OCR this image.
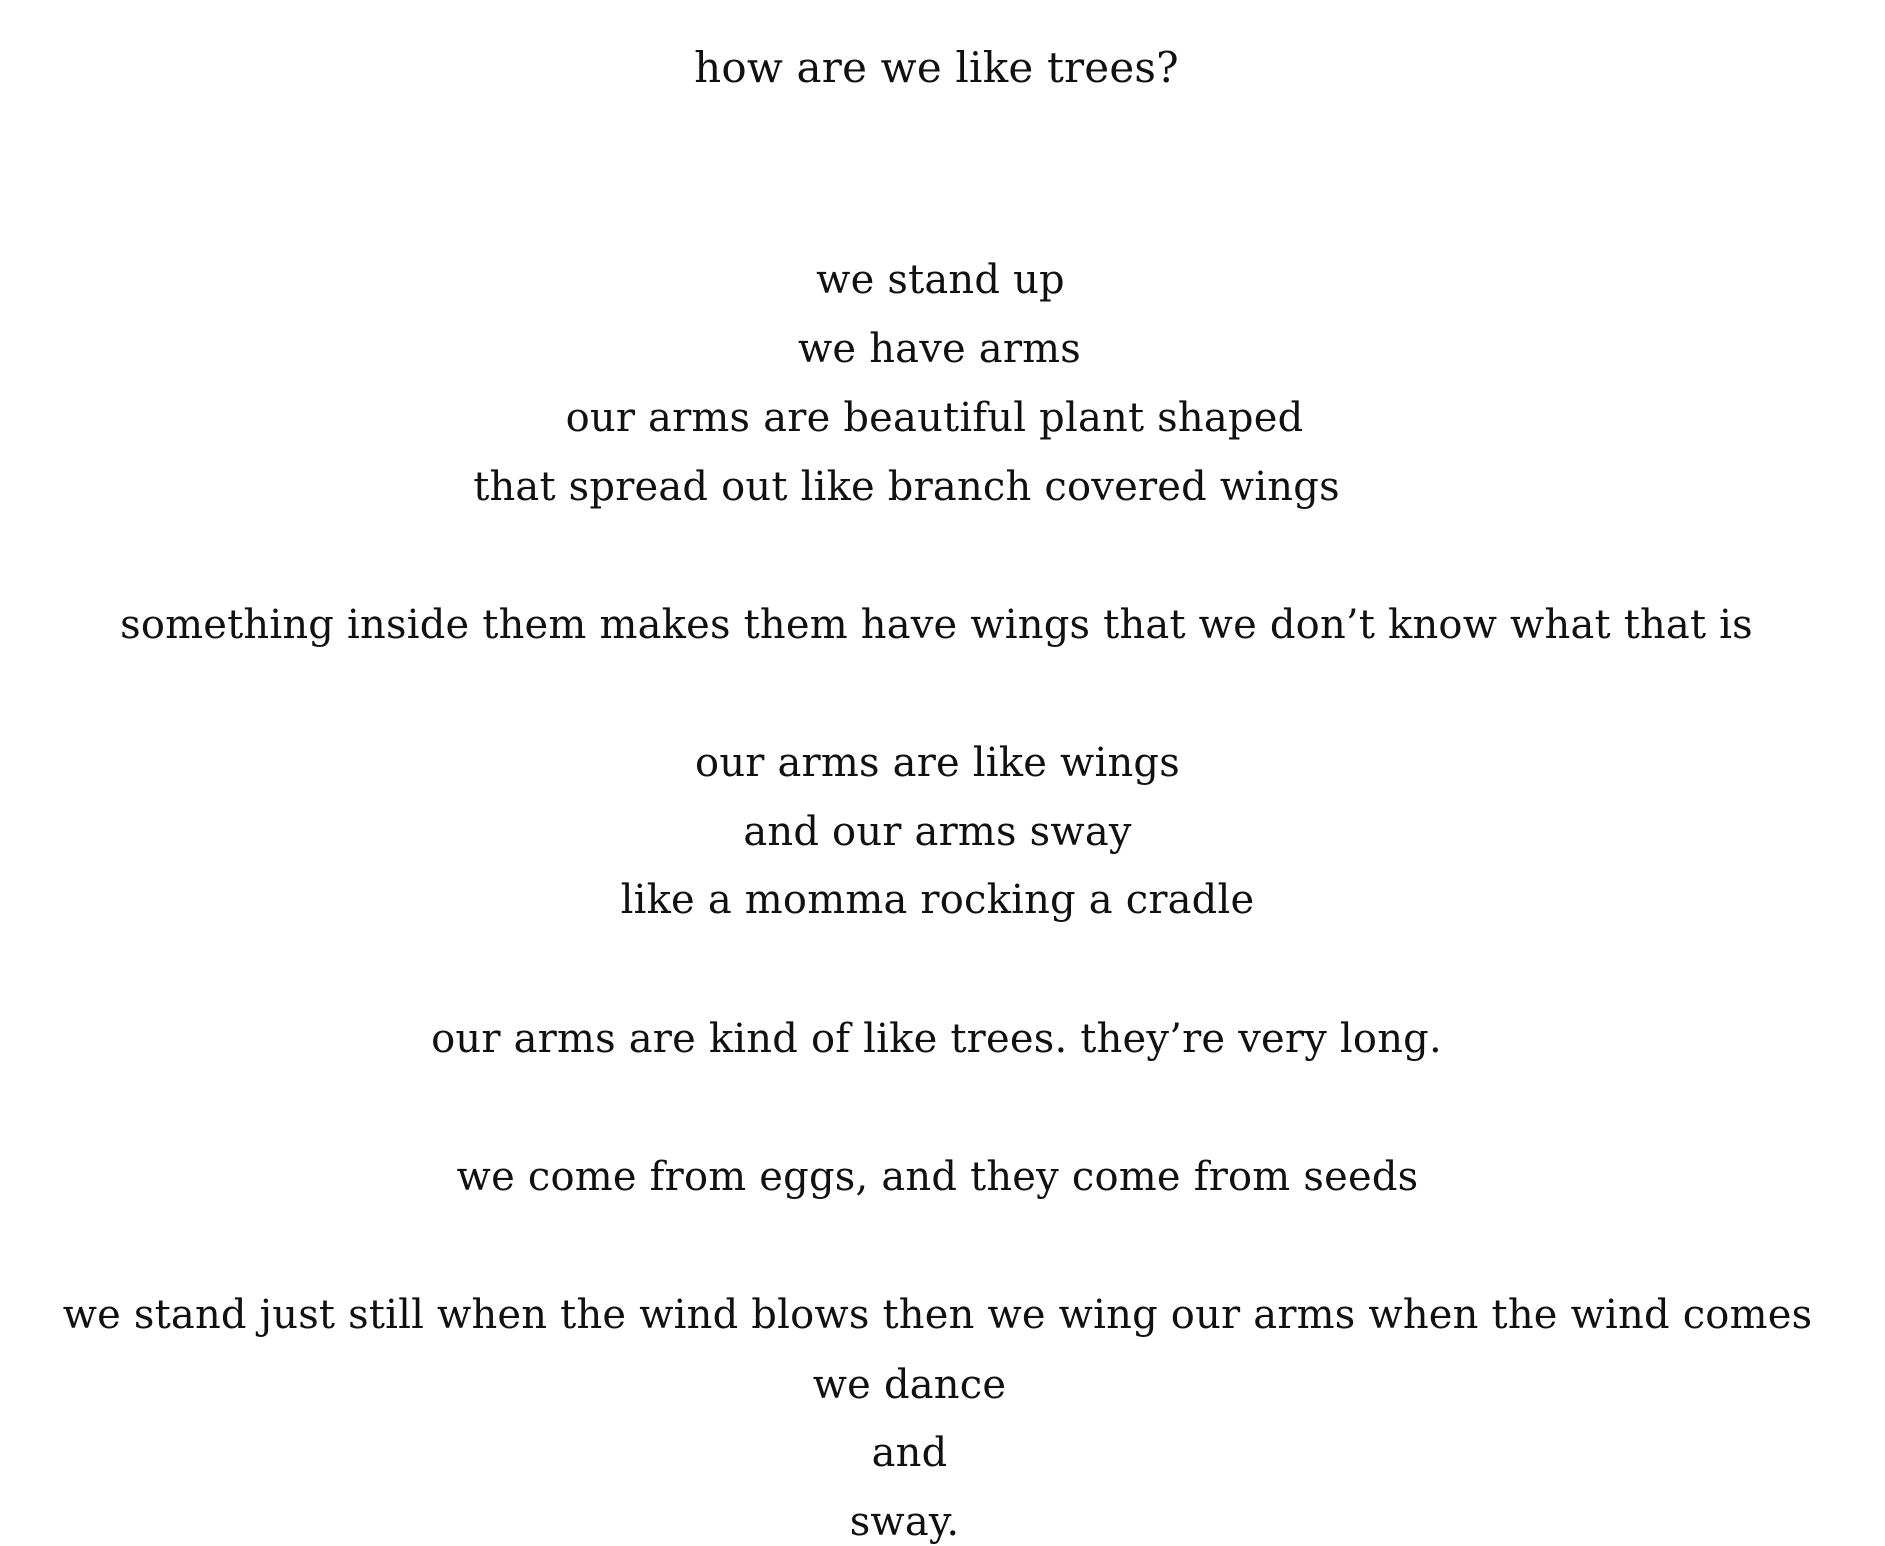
how are we like trees?
we stand up
we have arms
our arms are beautiful plant shaped
that spread out like branch covered wings
something inside them makes them have wings that we don’t know what that is
our arms are like wings
and our arms sway
like a momma rocking a cradle
our arms are kind of like trees. they’re very long.
we come from eggs, and they come from seeds
we stand just still when the wind blows then we wing our arms when the wind comes
we dance
and
sway.
